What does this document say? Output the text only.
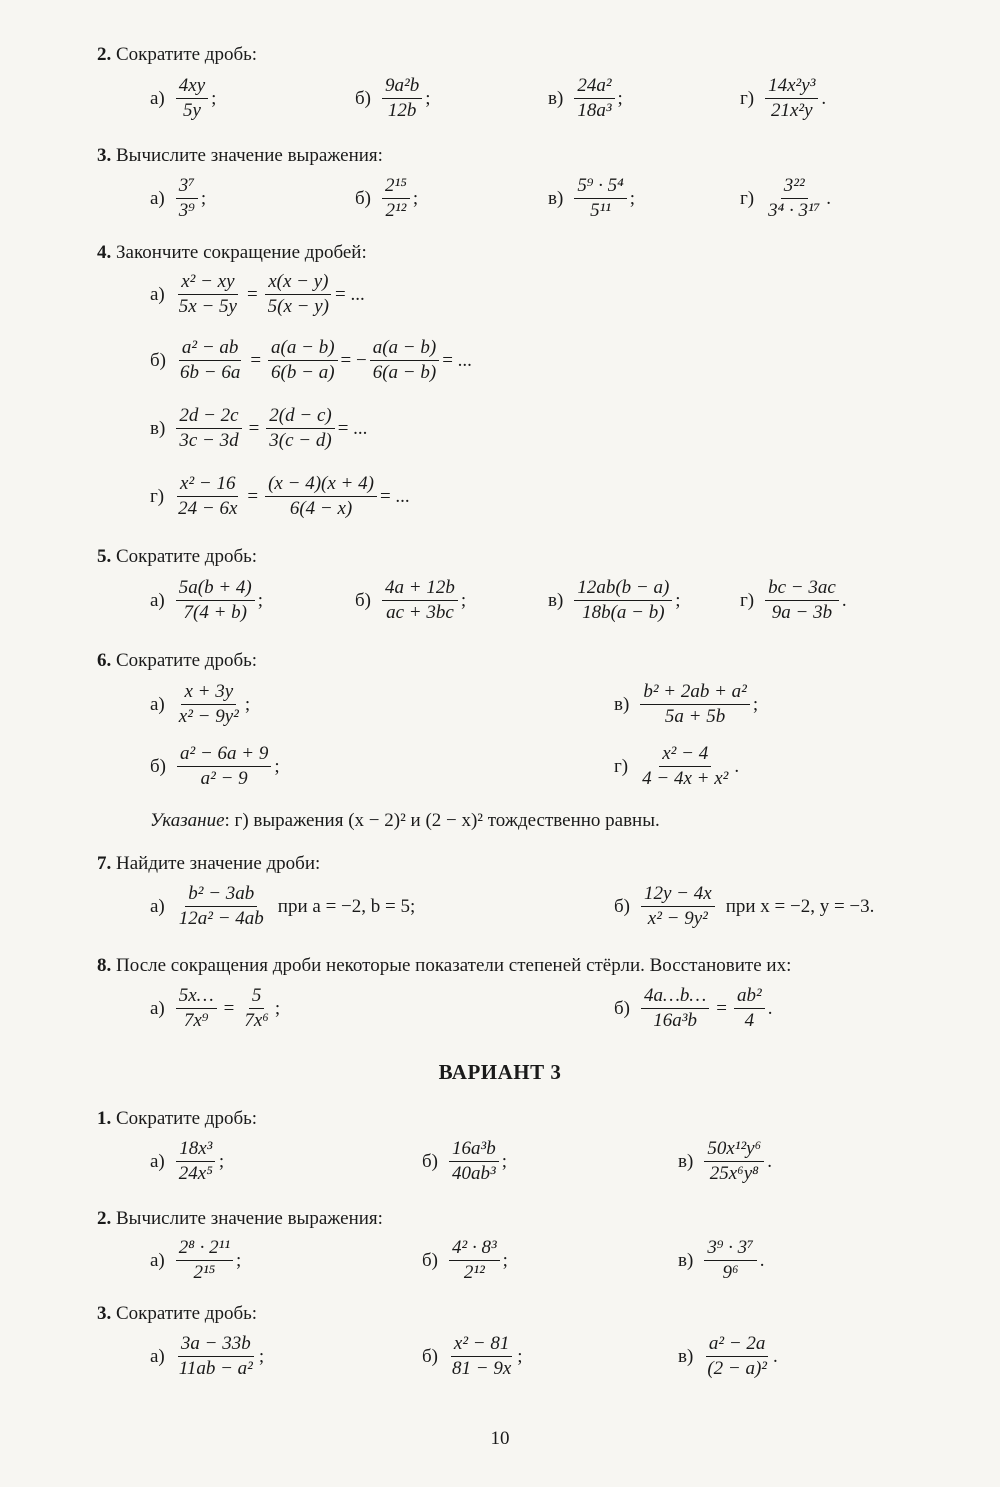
2. Сократите дробь:
$а) \frac{4xy}{5y}$ ;	$б) \frac{\text{9a²b}}{12b}$ ;	$в) \frac{\text{24a²}}{\text{18a³}}$ ;	$г) \frac{\text{14x²y³}}{\text{21x²y}}$ .
3. Вычислите значение выражения:
$а) \frac{\text{3⁷}}{\text{3⁹}}$ ;	$б) \frac{\text{2¹⁵}}{\text{2¹²}}$ ;	$в) \frac{\text{5⁹ · 5⁴}}{\text{5¹¹}}$ ;	$г) \frac{\text{3²²}}{\text{3⁴ · 3¹⁷}}$ .
4. Закончите сокращение дробей:
$а) \frac{\text{x² − xy}}{5x - 5y} = \frac{x(x - y)}{5(x - y)}$ = ...
$б) \frac{\text{a² − ab}}{6b - 6a} = \frac{a(a - b)}{6(b - a)}$ = − $\frac{a(a - b)}{6(a - b)}$ = ...
$в) \frac{2d - 2c}{3c - 3d} = \frac{2(d - c)}{3(c - d)}$ = ...
$г) \frac{\text{x² − 16}}{24 - 6x} = \frac{(x - 4)(x + 4)}{6(4 - x)}$ = ...
5. Сократите дробь:
$а) \frac{5a(b + 4)}{7(4 + b)}$ ;	$б) \frac{4a + 12b}{ac + 3bc}$ ;	$в) \frac{12ab(b - a)}{18b(a - b)}$ ;	$г) \frac{bc - 3ac}{9a - 3b}$ .
6. Сократите дробь:
$а) \frac{x + 3y}{\text{x² − 9y²}}$ ;	$в) \frac{\text{b² + 2ab + a²}}{5a + 5b}$ ;
$б) \frac{\text{a² − 6a + 9}}{\text{a² − 9}}$ ;	$г) \frac{\text{x² − 4}}{\text{4 − 4x + x²}}$ .
Указание: г) выражения (x − 2)² и (2 − x)² тождественно равны.
7. Найдите значение дроби:
$а) \frac{\text{b² − 3ab}}{\text{12a² − 4ab}}$ при a = −2, b = 5;	$б) \frac{12y - 4x}{\text{x² − 9y²}}$ при x = −2, y = −3.
8. После сокращения дроби некоторые показатели степеней стёрли. Восстановите их:
$а) \frac{5x\dots}{\text{7x⁹}} = \frac{5}{\text{7x⁶}}$ ;	$б) \frac{4a\dots b\dots}{\text{16a³b}} = \frac{\text{ab²}}{4}$ .
ВАРИАНТ 3
1. Сократите дробь:
$а) \frac{\text{18x³}}{\text{24x⁵}}$ ;	$б) \frac{\text{16a³b}}{\text{40ab³}}$ ;	$в) \frac{\text{50x¹²y⁶}}{\text{25x⁶y⁸}}$ .
2. Вычислите значение выражения:
$а) \frac{\text{2⁸ · 2¹¹}}{\text{2¹⁵}}$ ;	$б) \frac{\text{4² · 8³}}{\text{2¹²}}$ ;	$в) \frac{\text{3⁹ · 3⁷}}{\text{9⁶}}$ .
3. Сократите дробь:
$а) \frac{3a - 33b}{\text{11ab − a²}}$ ;	$б) \frac{\text{x² − 81}}{81 - 9x}$ ;	$в) \frac{\text{a² − 2a}}{\text{(2 − a)²}}$ .
10
